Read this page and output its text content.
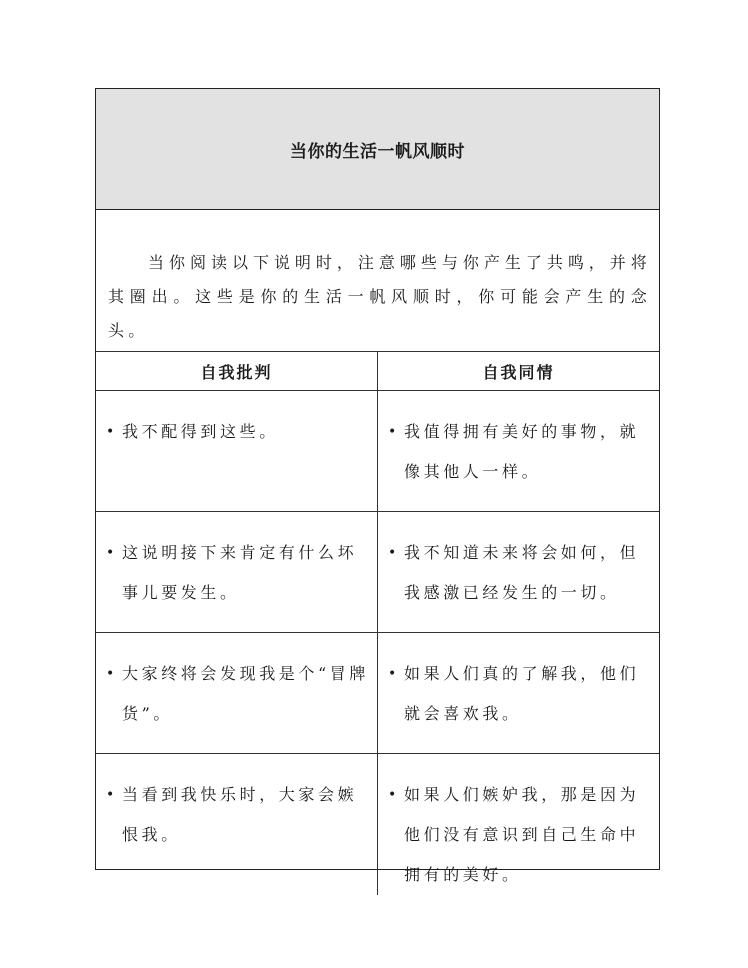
当你的生活一帆风顺时
当你阅读以下说明时，注意哪些与你产生了共鸣，并将其圈出。这些是你的生活一帆风顺时，你可能会产生的念头。
自我批判	自我同情

• 我不配得到这些。	• 我值得拥有美好的事物，就像其他人一样。

• 这说明接下来肯定有什么坏事儿要发生。	• 我不知道未来将会如何，但我感激已经发生的一切。

• 大家终将会发现我是个“冒牌货”。	• 如果人们真的了解我，他们就会喜欢我。

• 当看到我快乐时，大家会嫉恨我。	• 如果人们嫉妒我，那是因为他们没有意识到自己生命中拥有的美好。
